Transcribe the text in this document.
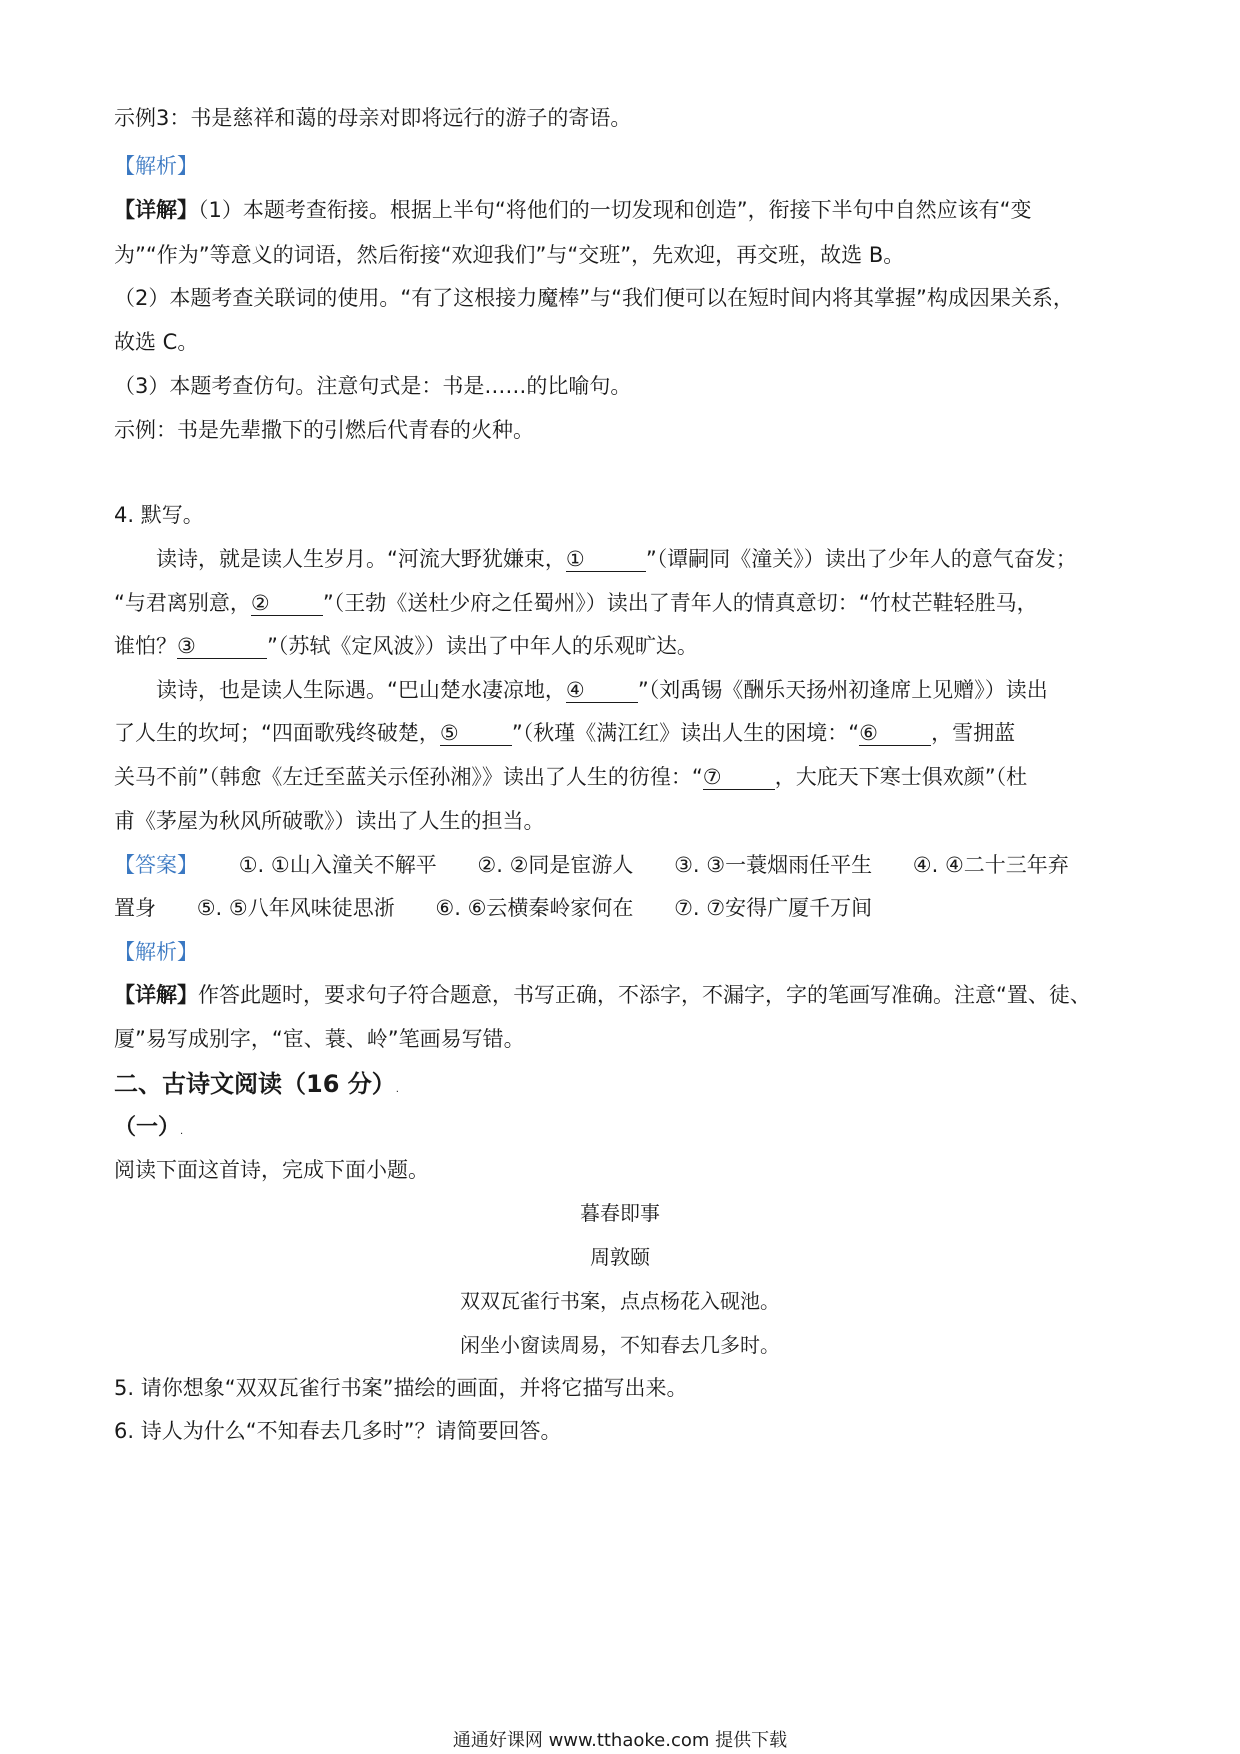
示例3：书是慈祥和蔼的母亲对即将远行的游子的寄语。
【解析】
【详解】（1）本题考查衔接。根据上半句“将他们的一切发现和创造”，衔接下半句中自然应该有“变
为”“作为”等意义的词语，然后衔接“欢迎我们”与“交班”，先欢迎，再交班，故选 B。
（2）本题考查关联词的使用。“有了这根接力魔棒”与“我们便可以在短时间内将其掌握”构成因果关系，
故选 C。
（3）本题考查仿句。注意句式是：书是……的比喻句。
示例：书是先辈撒下的引燃后代青春的火种。
4. 默写。
读诗，就是读人生岁月。“河流大野犹嫌束，①	”（谭嗣同《潼关》）读出了少年人的意气奋发；
“与君离别意，②	”（王勃《送杜少府之任蜀州》）读出了青年人的情真意切：“竹杖芒鞋轻胜马，
谁怕？③	”（苏轼《定风波》）读出了中年人的乐观旷达。
读诗，也是读人生际遇。“巴山楚水凄凉地，④	”（刘禹锡《酬乐天扬州初逢席上见赠》）读出
了人生的坎坷；“四面歌残终破楚，⑤	”（秋瑾《满江红》读出人生的困境：“⑥	，雪拥蓝
关马不前”（韩愈《左迁至蓝关示侄孙湘》》读出了人生的彷徨：“⑦	，大庇天下寒士俱欢颜”（杜
甫《茅屋为秋风所破歌》）读出了人生的担当。
【答案】 ①. ①山入潼关不解平 ②. ②同是宦游人 ③. ③一蓑烟雨任平生 ④. ④二十三年弃
置身 ⑤. ⑤八年风味徒思浙 ⑥. ⑥云横秦岭家何在 ⑦. ⑦安得广厦千万间
【解析】
【详解】作答此题时，要求句子符合题意，书写正确，不添字，不漏字，字的笔画写准确。注意“置、徒、
厦”易写成别字，“宦、蓑、岭”笔画易写错。
二、古诗文阅读（16 分）.
（一）.
阅读下面这首诗，完成下面小题。
暮春即事
周敦颐
双双瓦雀行书案，点点杨花入砚池。
闲坐小窗读周易，不知春去几多时。
5. 请你想象“双双瓦雀行书案”描绘的画面，并将它描写出来。
6. 诗人为什么“不知春去几多时”？请简要回答。
通通好课网 www.tthaoke.com 提供下载
